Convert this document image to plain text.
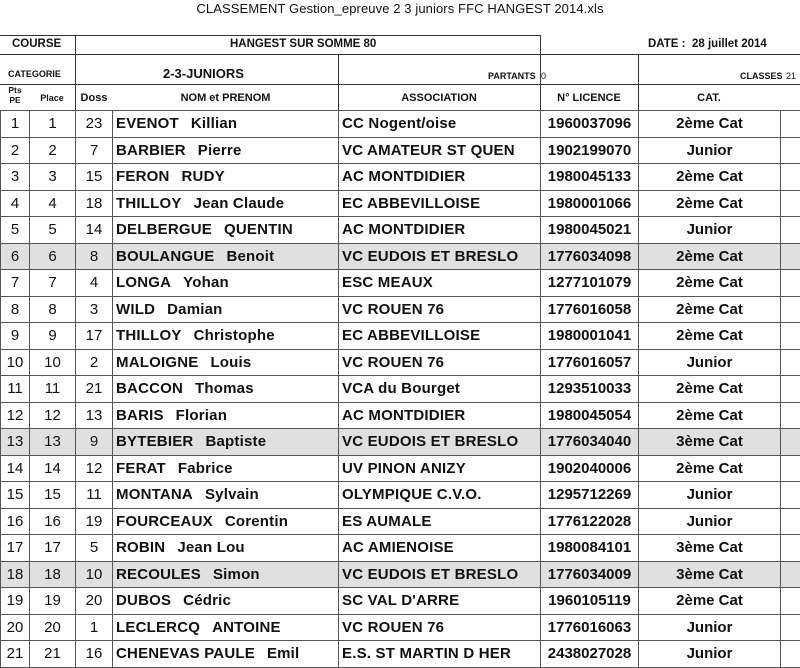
CLASSEMENT Gestion_epreuve 2 3 juniors FFC HANGEST 2014.xls
COURSE	HANGEST SUR SOMME 80	DATE : 28 juillet 2014
CATEGORIE	2-3-JUNIORS	PARTANTS 0	CLASSES 21
Pts PE	Place	Doss	NOM et PRENOM	ASSOCIATION	N° LICENCE	CAT.
1	1	23	EVENOT Killian	CC Nogent/oise	1960037096	2ème Cat	
2	2	7	BARBIER Pierre	VC AMATEUR ST QUEN	1902199070	Junior	
3	3	15	FERON RUDY	AC MONTDIDIER	1980045133	2ème Cat	
4	4	18	THILLOY Jean Claude	EC ABBEVILLOISE	1980001066	2ème Cat	
5	5	14	DELBERGUE QUENTIN	AC MONTDIDIER	1980045021	Junior	
6	6	8	BOULANGUE Benoit	VC EUDOIS ET BRESLO	1776034098	2ème Cat	
7	7	4	LONGA Yohan	ESC MEAUX	1277101079	2ème Cat	
8	8	3	WILD Damian	VC ROUEN 76	1776016058	2ème Cat	
9	9	17	THILLOY Christophe	EC ABBEVILLOISE	1980001041	2ème Cat	
10	10	2	MALOIGNE Louis	VC ROUEN 76	1776016057	Junior	
11	11	21	BACCON Thomas	VCA du Bourget	1293510033	2ème Cat	
12	12	13	BARIS Florian	AC MONTDIDIER	1980045054	2ème Cat	
13	13	9	BYTEBIER Baptiste	VC EUDOIS ET BRESLO	1776034040	3ème Cat	
14	14	12	FERAT Fabrice	UV PINON ANIZY	1902040006	2ème Cat	
15	15	11	MONTANA Sylvain	OLYMPIQUE C.V.O.	1295712269	Junior	
16	16	19	FOURCEAUX Corentin	ES AUMALE	1776122028	Junior	
17	17	5	ROBIN Jean Lou	AC AMIENOISE	1980084101	3ème Cat	
18	18	10	RECOULES Simon	VC EUDOIS ET BRESLO	1776034009	3ème Cat	
19	19	20	DUBOS Cédric	SC VAL D'ARRE	1960105119	2ème Cat	
20	20	1	LECLERCQ ANTOINE	VC ROUEN 76	1776016063	Junior	
21	21	16	CHENEVAS PAULE Emil	E.S. ST MARTIN D HER	2438027028	Junior	
